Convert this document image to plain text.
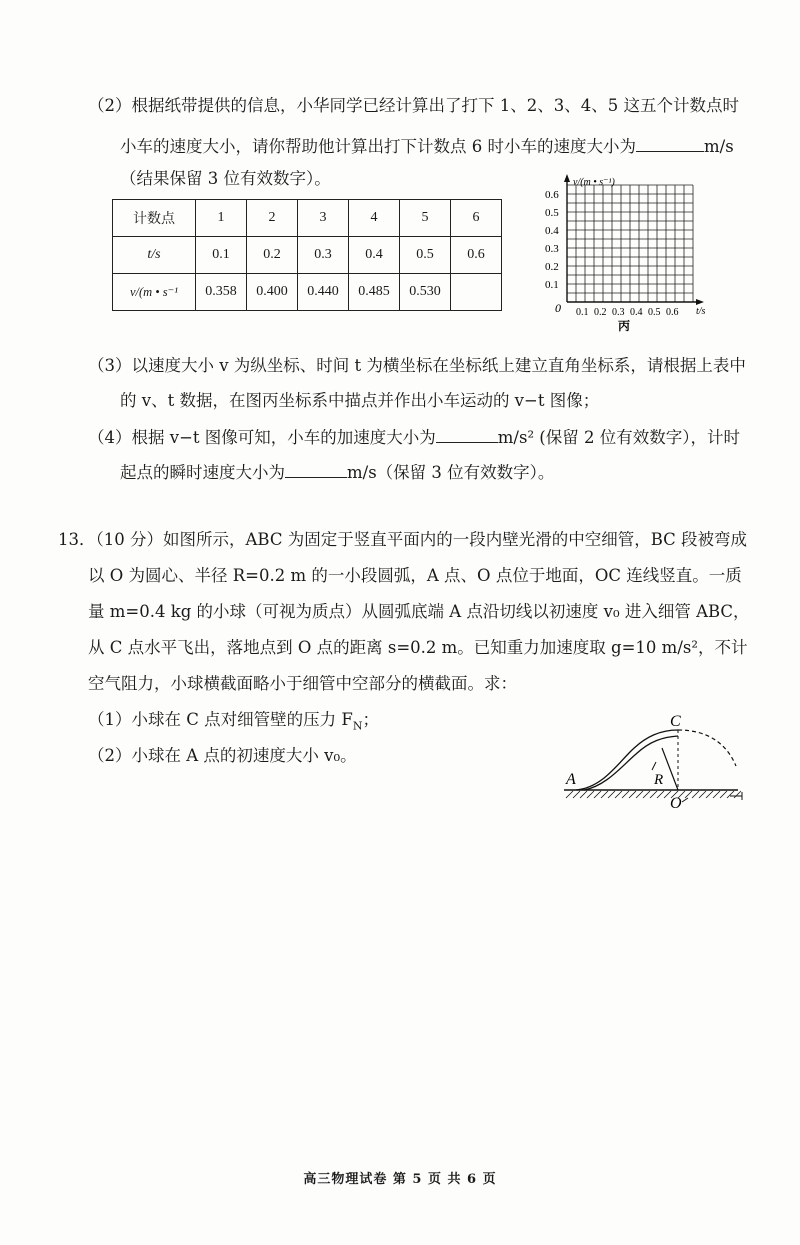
（2）根据纸带提供的信息，小华同学已经计算出了打下 1、2、3、4、5 这五个计数点时
小车的速度大小，请你帮助他计算出打下计数点 6 时小车的速度大小为	m/s
（结果保留 3 位有效数字）。
计数点	1	2	3	4	5	6
t/s	0.1	0.2	0.3	0.4	0.5	0.6
v/(m • s⁻¹	0.358	0.400	0.440	0.485	0.530	
v/(m • s⁻¹)
t/s
0
0.6
0.5
0.4
0.3
0.2
0.1
0.1 0.2 0.3 0.4 0.5 0.6
丙
（3）以速度大小 v 为纵坐标、时间 t 为横坐标在坐标纸上建立直角坐标系，请根据上表中
的 v、t 数据，在图丙坐标系中描点并作出小车运动的 v−t 图像；
（4）根据 v−t 图像可知，小车的加速度大小为	m/s² (保留 2 位有效数字），计时
起点的瞬时速度大小为	m/s（保留 3 位有效数字）。
13．（10 分）如图所示，ABC 为固定于竖直平面内的一段内壁光滑的中空细管，BC 段被弯成
以 O 为圆心、半径 R=0.2 m 的一小段圆弧，A 点、O 点位于地面，OC 连线竖直。一质
量 m=0.4 kg 的小球（可视为质点）从圆弧底端 A 点沿切线以初速度 v₀ 进入细管 ABC，
从 C 点水平飞出，落地点到 O 点的距离 s=0.2 m。已知重力加速度取 g=10 m/s²，不计
空气阻力，小球横截面略小于细管中空部分的横截面。求：
（1）小球在 C 点对细管壁的压力 $F_N$；
（2）小球在 A 点的初速度大小 v₀。
A
C
R
O
高三物理试卷 第 5 页 共 6 页
